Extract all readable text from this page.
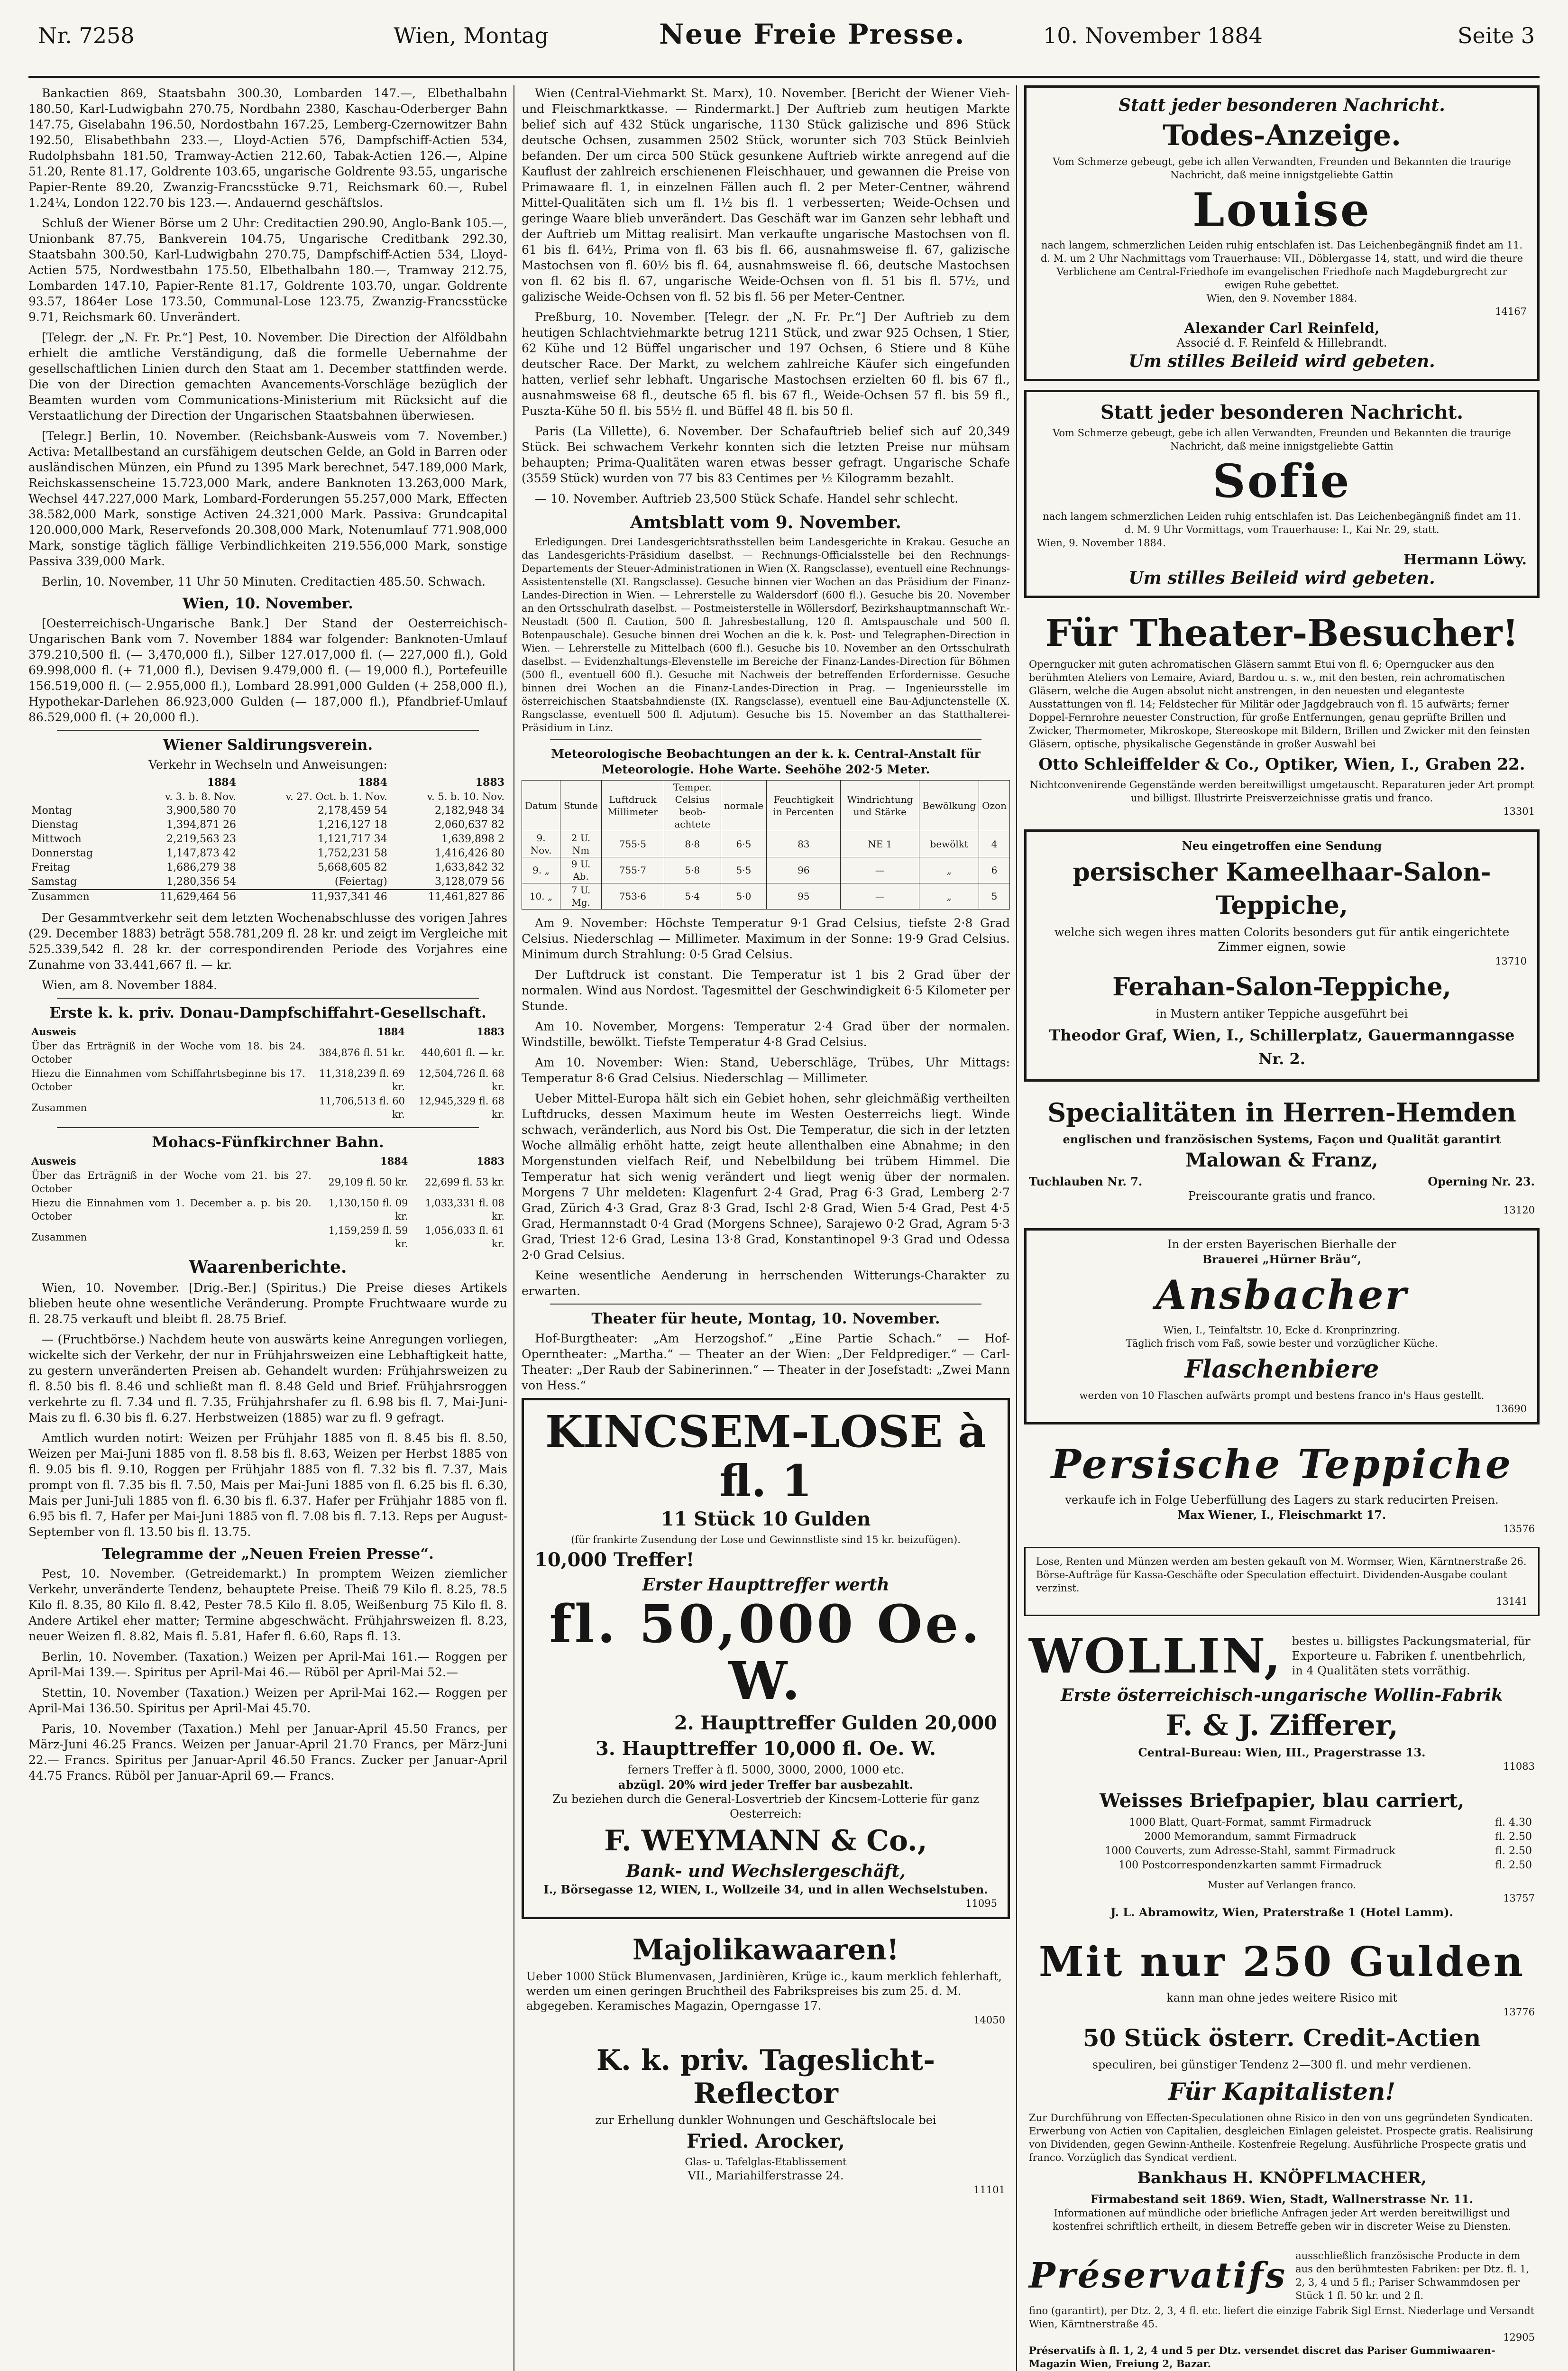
Nr. 7258	Wien, Montag	Neue Freie Presse.	10. November 1884	Seite 3

Bankactien 869, Staatsbahn 300.30, Lombarden 147.—, Elbethalbahn 180.50, Karl-Ludwigbahn 270.75, Nordbahn 2380, Kaschau-Oderberger Bahn 147.75, Giselabahn 196.50, Nordostbahn 167.25, Lemberg-Czernowitzer Bahn 192.50, Elisabethbahn 233.—, Lloyd-Actien 576, Dampfschiff-Actien 534, Rudolphsbahn 181.50, Tramway-Actien 212.60, Tabak-Actien 126.—, Alpine 51.20, Rente 81.17, Goldrente 103.65, ungarische Goldrente 93.55, ungarische Papier-Rente 89.20, Zwanzig-Francsstücke 9.71, Reichsmark 60.—, Rubel 1.24¼, London 122.70 bis 123.—. Andauernd geschäftslos.

Schluß der Wiener Börse um 2 Uhr: Creditactien 290.90, Anglo-Bank 105.—, Unionbank 87.75, Bankverein 104.75, Ungarische Creditbank 292.30, Staatsbahn 300.50, Karl-Ludwigbahn 270.75, Dampfschiff-Actien 534, Lloyd-Actien 575, Nordwestbahn 175.50, Elbethalbahn 180.—, Tramway 212.75, Lombarden 147.10, Papier-Rente 81.17, Goldrente 103.70, ungar. Goldrente 93.57, 1864er Lose 173.50, Communal-Lose 123.75, Zwanzig-Francsstücke 9.71, Reichsmark 60. Unverändert.

[Telegr. der „N. Fr. Pr.“] Pest, 10. November. Die Direction der Alföldbahn erhielt die amtliche Verständigung, daß die formelle Uebernahme der gesellschaftlichen Linien durch den Staat am 1. December stattfinden werde. Die von der Direction gemachten Avancements-Vorschläge bezüglich der Beamten wurden vom Communications-Ministerium mit Rücksicht auf die Verstaatlichung der Direction der Ungarischen Staatsbahnen überwiesen.

[Telegr.] Berlin, 10. November. (Reichsbank-Ausweis vom 7. November.) Activa: Metallbestand an cursfähigem deutschen Gelde, an Gold in Barren oder ausländischen Münzen, ein Pfund zu 1395 Mark berechnet, 547.189,000 Mark, Reichskassenscheine 15.723,000 Mark, andere Banknoten 13.263,000 Mark, Wechsel 447.227,000 Mark, Lombard-Forderungen 55.257,000 Mark, Effecten 38.582,000 Mark, sonstige Activen 24.321,000 Mark. Passiva: Grundcapital 120.000,000 Mark, Reservefonds 20.308,000 Mark, Notenumlauf 771.908,000 Mark, sonstige täglich fällige Verbindlichkeiten 219.556,000 Mark, sonstige Passiva 339,000 Mark.

Berlin, 10. November, 11 Uhr 50 Minuten. Creditactien 485.50. Schwach.

Wien, 10. November.

[Oesterreichisch-Ungarische Bank.] Der Stand der Oesterreichisch-Ungarischen Bank vom 7. November 1884 war folgender: Banknoten-Umlauf 379.210,500 fl. (— 3,470,000 fl.), Silber 127.017,000 fl. (— 227,000 fl.), Gold 69.998,000 fl. (+ 71,000 fl.), Devisen 9.479,000 fl. (— 19,000 fl.), Portefeuille 156.519,000 fl. (— 2.955,000 fl.), Lombard 28.991,000 Gulden (+ 258,000 fl.), Hypothekar-Darlehen 86.923,000 Gulden (— 187,000 fl.), Pfandbrief-Umlauf 86.529,000 fl. (+ 20,000 fl.).

Wiener Saldirungsverein.
Verkehr in Wechseln und Anweisungen:
	1884	1884	1883
	v. 3. b. 8. Nov.	v. 27. Oct. b. 1. Nov.	v. 5. b. 10. Nov.
Montag	3,900,580 70	2,178,459 54	2,182,948 34
Dienstag	1,394,871 26	1,216,127 18	2,060,637 82
Mittwoch	2,219,563 23	1,121,717 34	1,639,898 2
Donnerstag	1,147,873 42	1,752,231 58	1,416,426 80
Freitag	1,686,279 38	5,668,605 82	1,633,842 32
Samstag	1,280,356 54	(Feiertag)	3,128,079 56
Zusammen	11,629,464 56	11,937,341 46	11,461,827 86

Der Gesammtverkehr seit dem letzten Wochenabschlusse des vorigen Jahres (29. December 1883) beträgt 558.781,209 fl. 28 kr. und zeigt im Vergleiche mit 525.339,542 fl. 28 kr. der correspondirenden Periode des Vorjahres eine Zunahme von 33.441,667 fl. — kr.

Wien, am 8. November 1884.

Erste k. k. priv. Donau-Dampfschiffahrt-Gesellschaft.
Ausweis	1884	1883
Über das Erträgniß in der Woche vom 18. bis 24. October	384,876 fl. 51 kr.	440,601 fl. — kr.
Hiezu die Einnahmen vom Schiffahrtsbeginne bis 17. October	11,318,239 fl. 69 kr.	12,504,726 fl. 68 kr.
Zusammen	11,706,513 fl. 60 kr.	12,945,329 fl. 68 kr.
Mohacs-Fünfkirchner Bahn.
Ausweis	1884	1883
Über das Erträgniß in der Woche vom 21. bis 27. October	29,109 fl. 50 kr.	22,699 fl. 53 kr.
Hiezu die Einnahmen vom 1. December a. p. bis 20. October	1,130,150 fl. 09 kr.	1,033,331 fl. 08 kr.
Zusammen	1,159,259 fl. 59 kr.	1,056,033 fl. 61 kr.
Waarenberichte.

Wien, 10. November. [Drig.-Ber.] (Spiritus.) Die Preise dieses Artikels blieben heute ohne wesentliche Veränderung. Prompte Fruchtwaare wurde zu fl. 28.75 verkauft und bleibt fl. 28.75 Brief.

— (Fruchtbörse.) Nachdem heute von auswärts keine Anregungen vorliegen, wickelte sich der Verkehr, der nur in Frühjahrsweizen eine Lebhaftigkeit hatte, zu gestern unveränderten Preisen ab. Gehandelt wurden: Frühjahrsweizen zu fl. 8.50 bis fl. 8.46 und schließt man fl. 8.48 Geld und Brief. Frühjahrsroggen verkehrte zu fl. 7.34 und fl. 7.35, Frühjahrshafer zu fl. 6.98 bis fl. 7, Mai-Juni-Mais zu fl. 6.30 bis fl. 6.27. Herbstweizen (1885) war zu fl. 9 gefragt.

Amtlich wurden notirt: Weizen per Frühjahr 1885 von fl. 8.45 bis fl. 8.50, Weizen per Mai-Juni 1885 von fl. 8.58 bis fl. 8.63, Weizen per Herbst 1885 von fl. 9.05 bis fl. 9.10, Roggen per Frühjahr 1885 von fl. 7.32 bis fl. 7.37, Mais prompt von fl. 7.35 bis fl. 7.50, Mais per Mai-Juni 1885 von fl. 6.25 bis fl. 6.30, Mais per Juni-Juli 1885 von fl. 6.30 bis fl. 6.37. Hafer per Frühjahr 1885 von fl. 6.95 bis fl. 7, Hafer per Mai-Juni 1885 von fl. 7.08 bis fl. 7.13. Reps per August-September von fl. 13.50 bis fl. 13.75.

Telegramme der „Neuen Freien Presse“.

Pest, 10. November. (Getreidemarkt.) In promptem Weizen ziemlicher Verkehr, unveränderte Tendenz, behauptete Preise. Theiß 79 Kilo fl. 8.25, 78.5 Kilo fl. 8.35, 80 Kilo fl. 8.42, Pester 78.5 Kilo fl. 8.05, Weißenburg 75 Kilo fl. 8. Andere Artikel eher matter; Termine abgeschwächt. Frühjahrsweizen fl. 8.23, neuer Weizen fl. 8.82, Mais fl. 5.81, Hafer fl. 6.60, Raps fl. 13.

Berlin, 10. November. (Taxation.) Weizen per April-Mai 161.— Roggen per April-Mai 139.—. Spiritus per April-Mai 46.— Rüböl per April-Mai 52.—

Stettin, 10. November (Taxation.) Weizen per April-Mai 162.— Roggen per April-Mai 136.50. Spiritus per April-Mai 45.70.

Paris, 10. November (Taxation.) Mehl per Januar-April 45.50 Francs, per März-Juni 46.25 Francs. Weizen per Januar-April 21.70 Francs, per März-Juni 22.— Francs. Spiritus per Januar-April 46.50 Francs. Zucker per Januar-April 44.75 Francs. Rüböl per Januar-April 69.— Francs.

Wien (Central-Viehmarkt St. Marx), 10. November. [Bericht der Wiener Vieh- und Fleischmarktkasse. — Rindermarkt.] Der Auftrieb zum heutigen Markte belief sich auf 432 Stück ungarische, 1130 Stück galizische und 896 Stück deutsche Ochsen, zusammen 2502 Stück, worunter sich 703 Stück Beinlvieh befanden. Der um circa 500 Stück gesunkene Auftrieb wirkte anregend auf die Kauflust der zahlreich erschienenen Fleischhauer, und gewannen die Preise von Primawaare fl. 1, in einzelnen Fällen auch fl. 2 per Meter-Centner, während Mittel-Qualitäten sich um fl. 1½ bis fl. 1 verbesserten; Weide-Ochsen und geringe Waare blieb unverändert. Das Geschäft war im Ganzen sehr lebhaft und der Auftrieb um Mittag realisirt. Man verkaufte ungarische Mastochsen von fl. 61 bis fl. 64½, Prima von fl. 63 bis fl. 66, ausnahmsweise fl. 67, galizische Mastochsen von fl. 60½ bis fl. 64, ausnahmsweise fl. 66, deutsche Mastochsen von fl. 62 bis fl. 67, ungarische Weide-Ochsen von fl. 51 bis fl. 57½, und galizische Weide-Ochsen von fl. 52 bis fl. 56 per Meter-Centner.

Preßburg, 10. November. [Telegr. der „N. Fr. Pr.“] Der Auftrieb zu dem heutigen Schlachtviehmarkte betrug 1211 Stück, und zwar 925 Ochsen, 1 Stier, 62 Kühe und 12 Büffel ungarischer und 197 Ochsen, 6 Stiere und 8 Kühe deutscher Race. Der Markt, zu welchem zahlreiche Käufer sich eingefunden hatten, verlief sehr lebhaft. Ungarische Mastochsen erzielten 60 fl. bis 67 fl., ausnahmsweise 68 fl., deutsche 65 fl. bis 67 fl., Weide-Ochsen 57 fl. bis 59 fl., Puszta-Kühe 50 fl. bis 55½ fl. und Büffel 48 fl. bis 50 fl.

Paris (La Villette), 6. November. Der Schafauftrieb belief sich auf 20,349 Stück. Bei schwachem Verkehr konnten sich die letzten Preise nur mühsam behaupten; Prima-Qualitäten waren etwas besser gefragt. Ungarische Schafe (3559 Stück) wurden von 77 bis 83 Centimes per ½ Kilogramm bezahlt.

— 10. November. Auftrieb 23,500 Stück Schafe. Handel sehr schlecht.

Amtsblatt vom 9. November.

Erledigungen. Drei Landesgerichtsrathsstellen beim Landesgerichte in Krakau. Gesuche an das Landesgerichts-Präsidium daselbst. — Rechnungs-Officialsstelle bei den Rechnungs-Departements der Steuer-Administrationen in Wien (X. Rangsclasse), eventuell eine Rechnungs-Assistentenstelle (XI. Rangsclasse). Gesuche binnen vier Wochen an das Präsidium der Finanz-Landes-Direction in Wien. — Lehrerstelle zu Waldersdorf (600 fl.). Gesuche bis 20. November an den Ortsschulrath daselbst. — Postmeisterstelle in Wöllersdorf, Bezirkshauptmannschaft Wr.-Neustadt (500 fl. Caution, 500 fl. Jahresbestallung, 120 fl. Amtspauschale und 500 fl. Botenpauschale). Gesuche binnen drei Wochen an die k. k. Post- und Telegraphen-Direction in Wien. — Lehrerstelle zu Mittelbach (600 fl.). Gesuche bis 10. November an den Ortsschulrath daselbst. — Evidenzhaltungs-Elevenstelle im Bereiche der Finanz-Landes-Direction für Böhmen (500 fl., eventuell 600 fl.). Gesuche mit Nachweis der betreffenden Erfordernisse. Gesuche binnen drei Wochen an die Finanz-Landes-Direction in Prag. — Ingenieursstelle im österreichischen Staatsbahndienste (IX. Rangsclasse), eventuell eine Bau-Adjunctenstelle (X. Rangsclasse, eventuell 500 fl. Adjutum). Gesuche bis 15. November an das Statthalterei-Präsidium in Linz.

Meteorologische Beobachtungen an der k. k. Central-Anstalt für Meteorologie. Hohe Warte. Seehöhe 202·5 Meter.
Datum	Stunde	Luftdruck Millimeter	Temper. Celsius beob-achtete	normale	Feuchtigkeit in Percenten	Windrichtung und Stärke	Bewölkung	Ozon
9. Nov.	2 U. Nm	755·5	8·8	6·5	83	NE 1	bewölkt	4
9. „	9 U. Ab.	755·7	5·8	5·5	96	—	„	6
10. „	7 U. Mg.	753·6	5·4	5·0	95	—	„	5

Am 9. November: Höchste Temperatur 9·1 Grad Celsius, tiefste 2·8 Grad Celsius. Niederschlag — Millimeter. Maximum in der Sonne: 19·9 Grad Celsius. Minimum durch Strahlung: 0·5 Grad Celsius.

Der Luftdruck ist constant. Die Temperatur ist 1 bis 2 Grad über der normalen. Wind aus Nordost. Tagesmittel der Geschwindigkeit 6·5 Kilometer per Stunde.

Am 10. November, Morgens: Temperatur 2·4 Grad über der normalen. Windstille, bewölkt. Tiefste Temperatur 4·8 Grad Celsius.

Am 10. November: Wien: Stand, Ueberschläge, Trübes, Uhr Mittags: Temperatur 8·6 Grad Celsius. Niederschlag — Millimeter.

Ueber Mittel-Europa hält sich ein Gebiet hohen, sehr gleichmäßig vertheilten Luftdrucks, dessen Maximum heute im Westen Oesterreichs liegt. Winde schwach, veränderlich, aus Nord bis Ost. Die Temperatur, die sich in der letzten Woche allmälig erhöht hatte, zeigt heute allenthalben eine Abnahme; in den Morgenstunden vielfach Reif, und Nebelbildung bei trübem Himmel. Die Temperatur hat sich wenig verändert und liegt wenig über der normalen. Morgens 7 Uhr meldeten: Klagenfurt 2·4 Grad, Prag 6·3 Grad, Lemberg 2·7 Grad, Zürich 4·3 Grad, Graz 8·3 Grad, Ischl 2·8 Grad, Wien 5·4 Grad, Pest 4·5 Grad, Hermannstadt 0·4 Grad (Morgens Schnee), Sarajewo 0·2 Grad, Agram 5·3 Grad, Triest 12·6 Grad, Lesina 13·8 Grad, Konstantinopel 9·3 Grad und Odessa 2·0 Grad Celsius.

Keine wesentliche Aenderung in herrschenden Witterungs-Charakter zu erwarten.

Theater für heute, Montag, 10. November.

Hof-Burgtheater: „Am Herzogshof.“ „Eine Partie Schach.“ — Hof-Operntheater: „Martha.“ — Theater an der Wien: „Der Feldprediger.“ — Carl-Theater: „Der Raub der Sabinerinnen.“ — Theater in der Josefstadt: „Zwei Mann von Hess.“

KINCSEM-LOSE à fl. 1
11 Stück 10 Gulden
(für frankirte Zusendung der Lose und Gewinnstliste sind 15 kr. beizufügen).
10,000 Treffer!
Erster Haupttreffer werth
fl. 50,000 Oe. W.
2. Haupttreffer Gulden 20,000
3. Haupttreffer 10,000 fl. Oe. W.
ferners Treffer à fl. 5000, 3000, 2000, 1000 etc.
abzügl. 20% wird jeder Treffer bar ausbezahlt.
Zu beziehen durch die General-Losvertrieb der Kincsem-Lotterie für ganz Oesterreich:
F. WEYMANN & Co.,
Bank- und Wechslergeschäft,
I., Börsegasse 12, WIEN, I., Wollzeile 34, und in allen Wechselstuben.
11095
Majolikawaaren!
Ueber 1000 Stück Blumenvasen, Jardinièren, Krüge ic., kaum merklich fehlerhaft, werden um einen geringen Bruchtheil des Fabrikspreises bis zum 25. d. M. abgegeben. Keramisches Magazin, Operngasse 17.
14050
K. k. priv. Tageslicht-Reflector
zur Erhellung dunkler Wohnungen und Geschäftslocale bei
Fried. Arocker,
Glas- u. Tafelglas-Etablissement
VII., Mariahilferstrasse 24.
11101
Statt jeder besonderen Nachricht.
Todes-Anzeige.
Vom Schmerze gebeugt, gebe ich allen Verwandten, Freunden und Bekannten die traurige Nachricht, daß meine innigstgeliebte Gattin
Louise
nach langem, schmerzlichen Leiden ruhig entschlafen ist. Das Leichenbegängniß findet am 11. d. M. um 2 Uhr Nachmittags vom Trauerhause: VII., Döblergasse 14, statt, und wird die theure Verblichene am Central-Friedhofe im evangelischen Friedhofe nach Magdeburgrecht zur ewigen Ruhe gebettet.
Wien, den 9. November 1884.
14167
Alexander Carl Reinfeld,
Associé d. F. Reinfeld & Hillebrandt.
Um stilles Beileid wird gebeten.
Statt jeder besonderen Nachricht.
Vom Schmerze gebeugt, gebe ich allen Verwandten, Freunden und Bekannten die traurige Nachricht, daß meine innigstgeliebte Gattin
Sofie
nach langem schmerzlichen Leiden ruhig entschlafen ist. Das Leichenbegängniß findet am 11. d. M. 9 Uhr Vormittags, vom Trauerhause: I., Kai Nr. 29, statt.
Wien, 9. November 1884.
Hermann Löwy.
Um stilles Beileid wird gebeten.
Für Theater-Besucher!
Operngucker mit guten achromatischen Gläsern sammt Etui von fl. 6; Operngucker aus den berühmten Ateliers von Lemaire, Aviard, Bardou u. s. w., mit den besten, rein achromatischen Gläsern, welche die Augen absolut nicht anstrengen, in den neuesten und eleganteste Ausstattungen von fl. 14; Feldstecher für Militär oder Jagdgebrauch von fl. 15 aufwärts; ferner Doppel-Fernrohre neuester Construction, für große Entfernungen, genau geprüfte Brillen und Zwicker, Thermometer, Mikroskope, Stereoskope mit Bildern, Brillen und Zwicker mit den feinsten Gläsern, optische, physikalische Gegenstände in großer Auswahl bei
Otto Schleiffelder & Co., Optiker, Wien, I., Graben 22.
Nichtconvenirende Gegenstände werden bereitwilligst umgetauscht. Reparaturen jeder Art prompt und billigst. Illustrirte Preisverzeichnisse gratis und franco.
13301
Neu eingetroffen eine Sendung
persischer Kameelhaar-Salon-Teppiche,
welche sich wegen ihres matten Colorits besonders gut für antik eingerichtete Zimmer eignen, sowie
13710
Ferahan-Salon-Teppiche,
in Mustern antiker Teppiche ausgeführt bei
Theodor Graf, Wien, I., Schillerplatz, Gauermanngasse Nr. 2.
Specialitäten in Herren-Hemden
englischen und französischen Systems, Façon und Qualität garantirt
Malowan & Franz,
Tuchlauben Nr. 7.	Operning Nr. 23.
Preiscourante gratis und franco.
13120
In der ersten Bayerischen Bierhalle der
Brauerei „Hürner Bräu“,
Ansbacher
Wien, I., Teinfaltstr. 10, Ecke d. Kronprinzring.
Täglich frisch vom Faß, sowie bester und vorzüglicher Küche.
Flaschenbiere
werden von 10 Flaschen aufwärts prompt und bestens franco in's Haus gestellt.
13690
Persische Teppiche
verkaufe ich in Folge Ueberfüllung des Lagers zu stark reducirten Preisen.
Max Wiener, I., Fleischmarkt 17.
13576
Lose, Renten und Münzen werden am besten gekauft von M. Wormser, Wien, Kärntnerstraße 26. Börse-Aufträge für Kassa-Geschäfte oder Speculation effectuirt. Dividenden-Ausgabe coulant verzinst.
13141
WOLLIN, bestes u. billigstes Packungsmaterial, für Exporteure u. Fabriken f. unentbehrlich, in 4 Qualitäten stets vorräthig.
Erste österreichisch-ungarische Wollin-Fabrik
F. & J. Zifferer,
Central-Bureau: Wien, III., Pragerstrasse 13.
11083
Weisses Briefpapier, blau carriert,
1000 Blatt, Quart-Format, sammt Firmadruck	fl. 4.30
2000 Memorandum, sammt Firmadruck	fl. 2.50
1000 Couverts, zum Adresse-Stahl, sammt Firmadruck	fl. 2.50
100 Postcorrespondenzkarten sammt Firmadruck	fl. 2.50
Muster auf Verlangen franco.
13757
J. L. Abramowitz, Wien, Praterstraße 1 (Hotel Lamm).
Mit nur 250 Gulden
kann man ohne jedes weitere Risico mit
13776
50 Stück österr. Credit-Actien
speculiren, bei günstiger Tendenz 2—300 fl. und mehr verdienen.
Für Kapitalisten!
Zur Durchführung von Effecten-Speculationen ohne Risico in den von uns gegründeten Syndicaten. Erwerbung von Actien von Capitalien, desgleichen Einlagen geleistet. Prospecte gratis. Realisirung von Dividenden, gegen Gewinn-Antheile. Kostenfreie Regelung. Ausführliche Prospecte gratis und franco. Vorzüglich das Syndicat verdient.
Bankhaus H. KNÖPFLMACHER,
Firmabestand seit 1869. Wien, Stadt, Wallnerstrasse Nr. 11.
Informationen auf mündliche oder briefliche Anfragen jeder Art werden bereitwilligst und kostenfrei schriftlich ertheilt, in diesem Betreffe geben wir in discreter Weise zu Diensten.
Préservatifs ausschließlich französische Producte in dem aus den berühmtesten Fabriken: per Dtz. fl. 1, 2, 3, 4 und 5 fl.; Pariser Schwammdosen per Stück 1 fl. 50 kr. und 2 fl.
fino (garantirt), per Dtz. 2, 3, 4 fl. etc. liefert die einzige Fabrik Sigl Ernst. Niederlage und Versandt Wien, Kärntnerstraße 45.
12905
Préservatifs à fl. 1, 2, 4 und 5 per Dtz. versendet discret das Pariser Gummiwaaren-Magazin Wien, Freiung 2, Bazar.
